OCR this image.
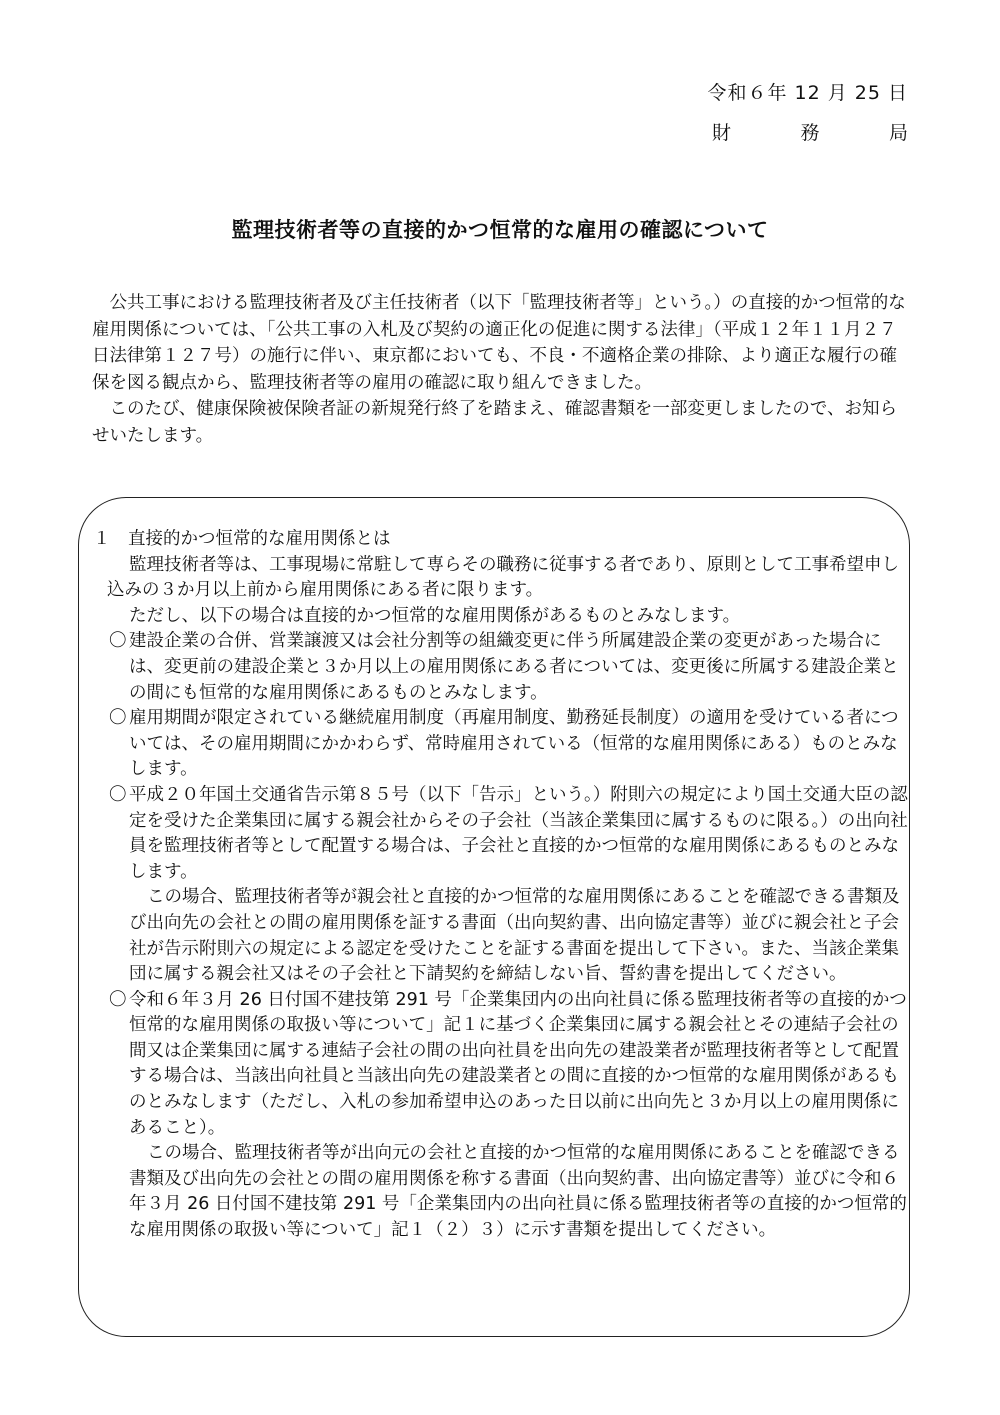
令和６年 12 月 25 日
財	務	局
監理技術者等の直接的かつ恒常的な雇用の確認について

公共工事における監理技術者及び主任技術者（以下「監理技術者等」という。）の直接的かつ恒常的な雇用関係については、「公共工事の入札及び契約の適正化の促進に関する法律」（平成１２年１１月２７日法律第１２７号）の施行に伴い、東京都においても、不良・不適格企業の排除、より適正な履行の確保を図る観点から、監理技術者等の雇用の確認に取り組んできました。

このたび、健康保険被保険者証の新規発行終了を踏まえ、確認書類を一部変更しましたので、お知らせいたします。

１　直接的かつ恒常的な雇用関係とは

監理技術者等は、工事現場に常駐して専らその職務に従事する者であり、原則として工事希望申し込みの３か月以上前から雇用関係にある者に限ります。

ただし、以下の場合は直接的かつ恒常的な雇用関係があるものとみなします。

〇 建設企業の合併、営業譲渡又は会社分割等の組織変更に伴う所属建設企業の変更があった場合には、変更前の建設企業と３か月以上の雇用関係にある者については、変更後に所属する建設企業との間にも恒常的な雇用関係にあるものとみなします。
〇 雇用期間が限定されている継続雇用制度（再雇用制度、勤務延長制度）の適用を受けている者については、その雇用期間にかかわらず、常時雇用されている（恒常的な雇用関係にある）ものとみなします。
〇 平成２０年国土交通省告示第８５号（以下「告示」という。）附則六の規定により国土交通大臣の認定を受けた企業集団に属する親会社からその子会社（当該企業集団に属するものに限る。）の出向社員を監理技術者等として配置する場合は、子会社と直接的かつ恒常的な雇用関係にあるものとみなします。

この場合、監理技術者等が親会社と直接的かつ恒常的な雇用関係にあることを確認できる書類及び出向先の会社との間の雇用関係を証する書面（出向契約書、出向協定書等）並びに親会社と子会社が告示附則六の規定による認定を受けたことを証する書面を提出して下さい。また、当該企業集団に属する親会社又はその子会社と下請契約を締結しない旨、誓約書を提出してください。

〇 令和６年３月 26 日付国不建技第 291 号「企業集団内の出向社員に係る監理技術者等の直接的かつ恒常的な雇用関係の取扱い等について」記１に基づく企業集団に属する親会社とその連結子会社の間又は企業集団に属する連結子会社の間の出向社員を出向先の建設業者が監理技術者等として配置する場合は、当該出向社員と当該出向先の建設業者との間に直接的かつ恒常的な雇用関係があるものとみなします（ただし、入札の参加希望申込のあった日以前に出向先と３か月以上の雇用関係にあること）。

この場合、監理技術者等が出向元の会社と直接的かつ恒常的な雇用関係にあることを確認できる書類及び出向先の会社との間の雇用関係を称する書面（出向契約書、出向協定書等）並びに令和６年３月 26 日付国不建技第 291 号「企業集団内の出向社員に係る監理技術者等の直接的かつ恒常的な雇用関係の取扱い等について」記１（２）３）に示す書類を提出してください。
